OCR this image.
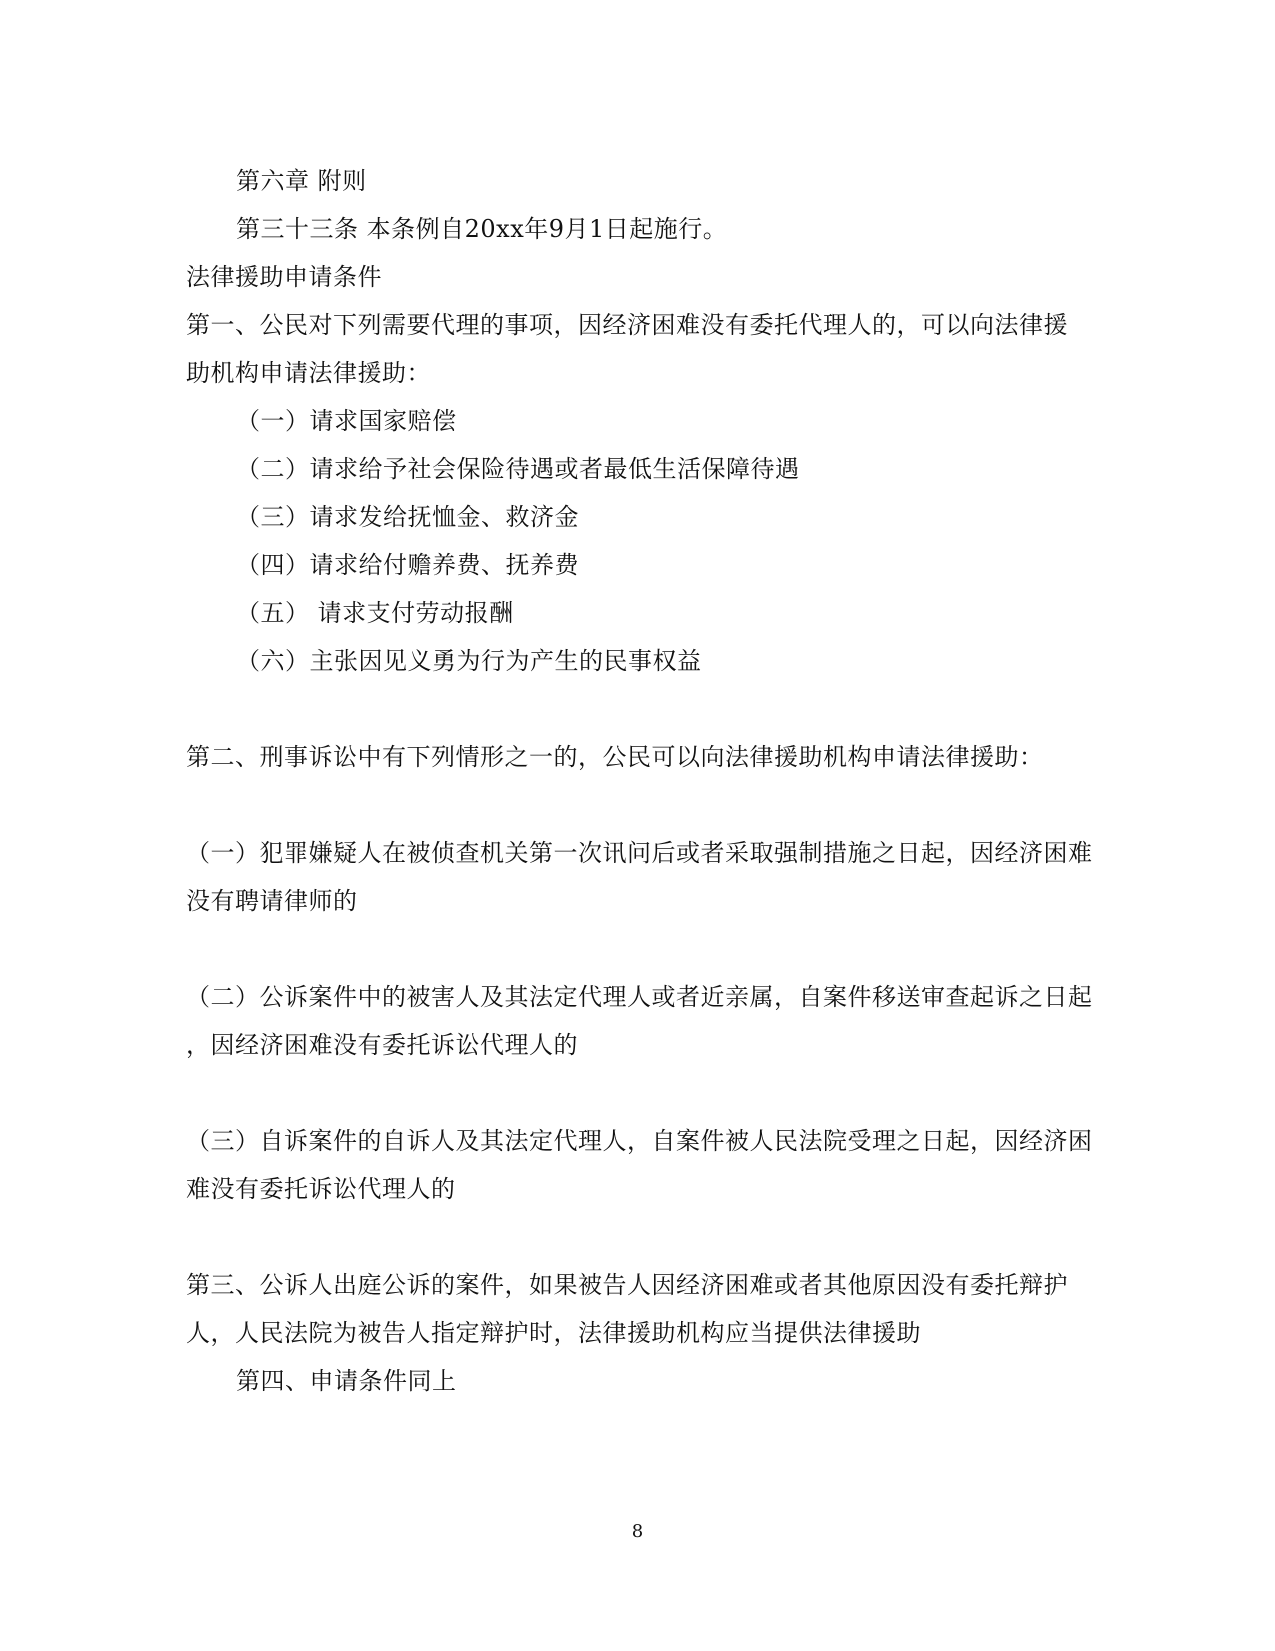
第六章 附则
第三十三条 本条例自20xx年9月1日起施行。
法律援助申请条件
第一、公民对下列需要代理的事项，因经济困难没有委托代理人的，可以向法律援
助机构申请法律援助：
（一）请求国家赔偿
（二）请求给予社会保险待遇或者最低生活保障待遇
（三）请求发给抚恤金、救济金
（四）请求给付赡养费、抚养费
（五） 请求支付劳动报酬
（六）主张因见义勇为行为产生的民事权益
第二、刑事诉讼中有下列情形之一的，公民可以向法律援助机构申请法律援助：
（一）犯罪嫌疑人在被侦查机关第一次讯问后或者采取强制措施之日起，因经济困难
没有聘请律师的
（二）公诉案件中的被害人及其法定代理人或者近亲属，自案件移送审查起诉之日起
，因经济困难没有委托诉讼代理人的
（三）自诉案件的自诉人及其法定代理人，自案件被人民法院受理之日起，因经济困
难没有委托诉讼代理人的
第三、公诉人出庭公诉的案件，如果被告人因经济困难或者其他原因没有委托辩护
人，人民法院为被告人指定辩护时，法律援助机构应当提供法律援助
第四、申请条件同上
8
